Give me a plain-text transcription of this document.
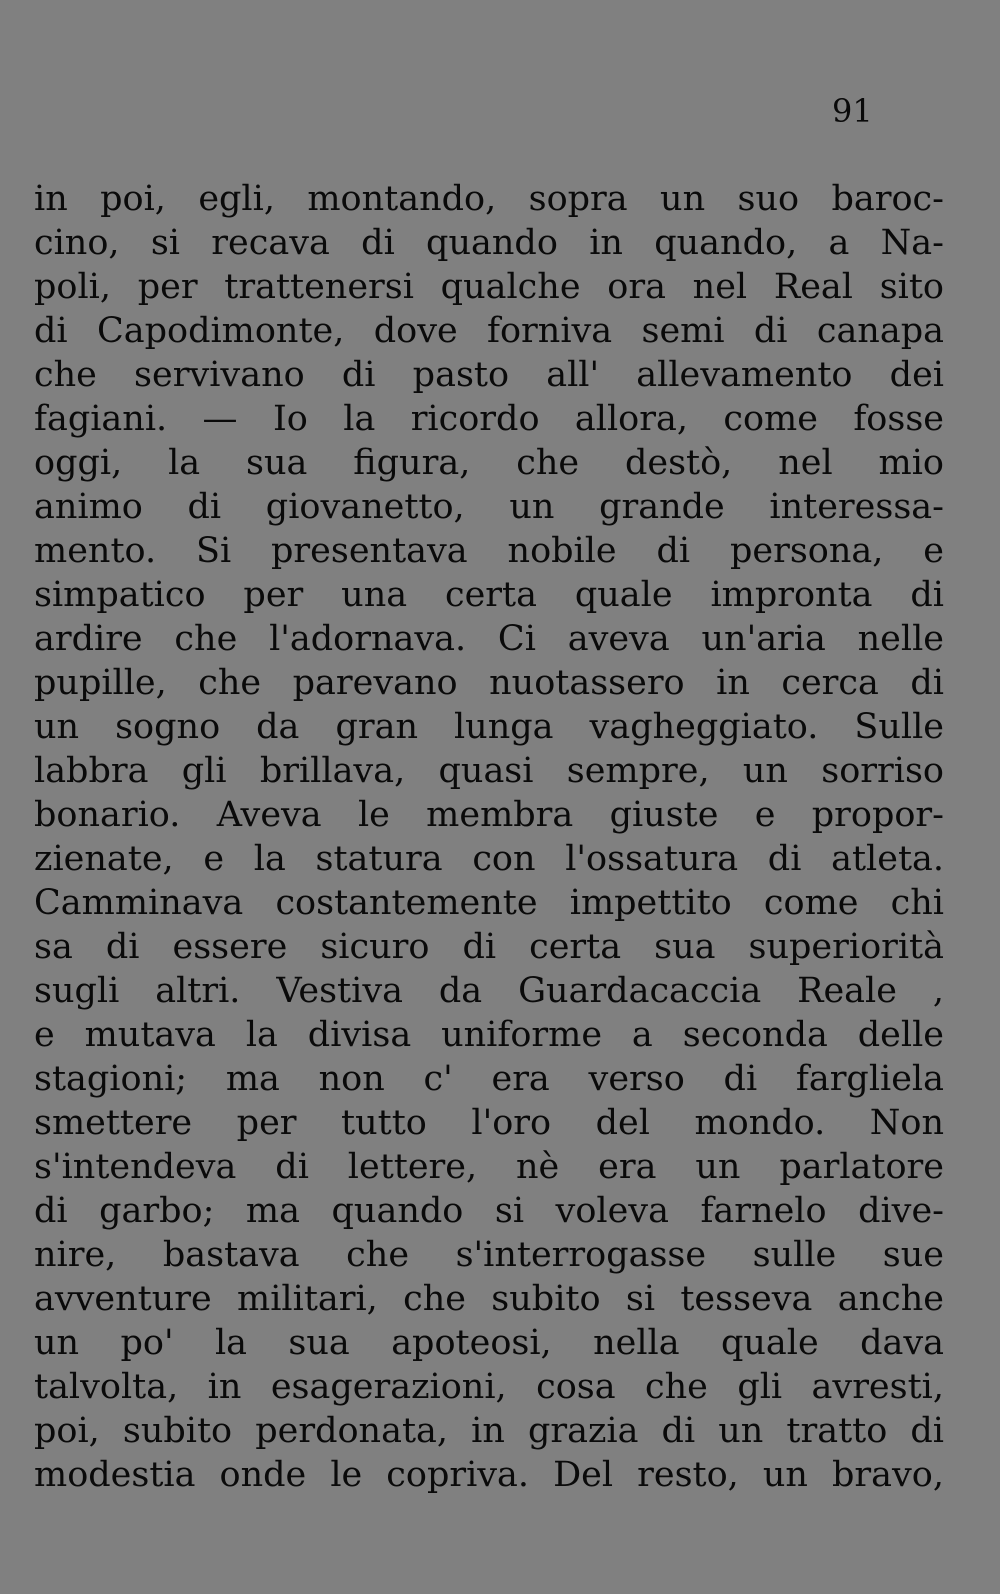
91
in poi, egli, montando, sopra un suo baroc-
cino, si recava di quando in quando, a Na-
poli, per trattenersi qualche ora nel Real sito
di Capodimonte, dove forniva semi di canapa
che servivano di pasto all' allevamento dei
fagiani. — Io la ricordo allora, come fosse
oggi, la sua figura, che destò, nel mio
animo di giovanetto, un grande interessa-
mento. Si presentava nobile di persona, e
simpatico per una certa quale impronta di
ardire che l'adornava. Ci aveva un'aria nelle
pupille, che parevano nuotassero in cerca di
un sogno da gran lunga vagheggiato. Sulle
labbra gli brillava, quasi sempre, un sorriso
bonario. Aveva le membra giuste e propor-
zienate, e la statura con l'ossatura di atleta.
Camminava costantemente impettito come chi
sa di essere sicuro di certa sua superiorità
sugli altri. Vestiva da Guardacaccia Reale ,
e mutava la divisa uniforme a seconda delle
stagioni; ma non c' era verso di fargliela
smettere per tutto l'oro del mondo. Non
s'intendeva di lettere, nè era un parlatore
di garbo; ma quando si voleva farnelo dive-
nire, bastava che s'interrogasse sulle sue
avventure militari, che subito si tesseva anche
un po' la sua apoteosi, nella quale dava
talvolta, in esagerazioni, cosa che gli avresti,
poi, subito perdonata, in grazia di un tratto di
modestia onde le copriva. Del resto, un bravo,
